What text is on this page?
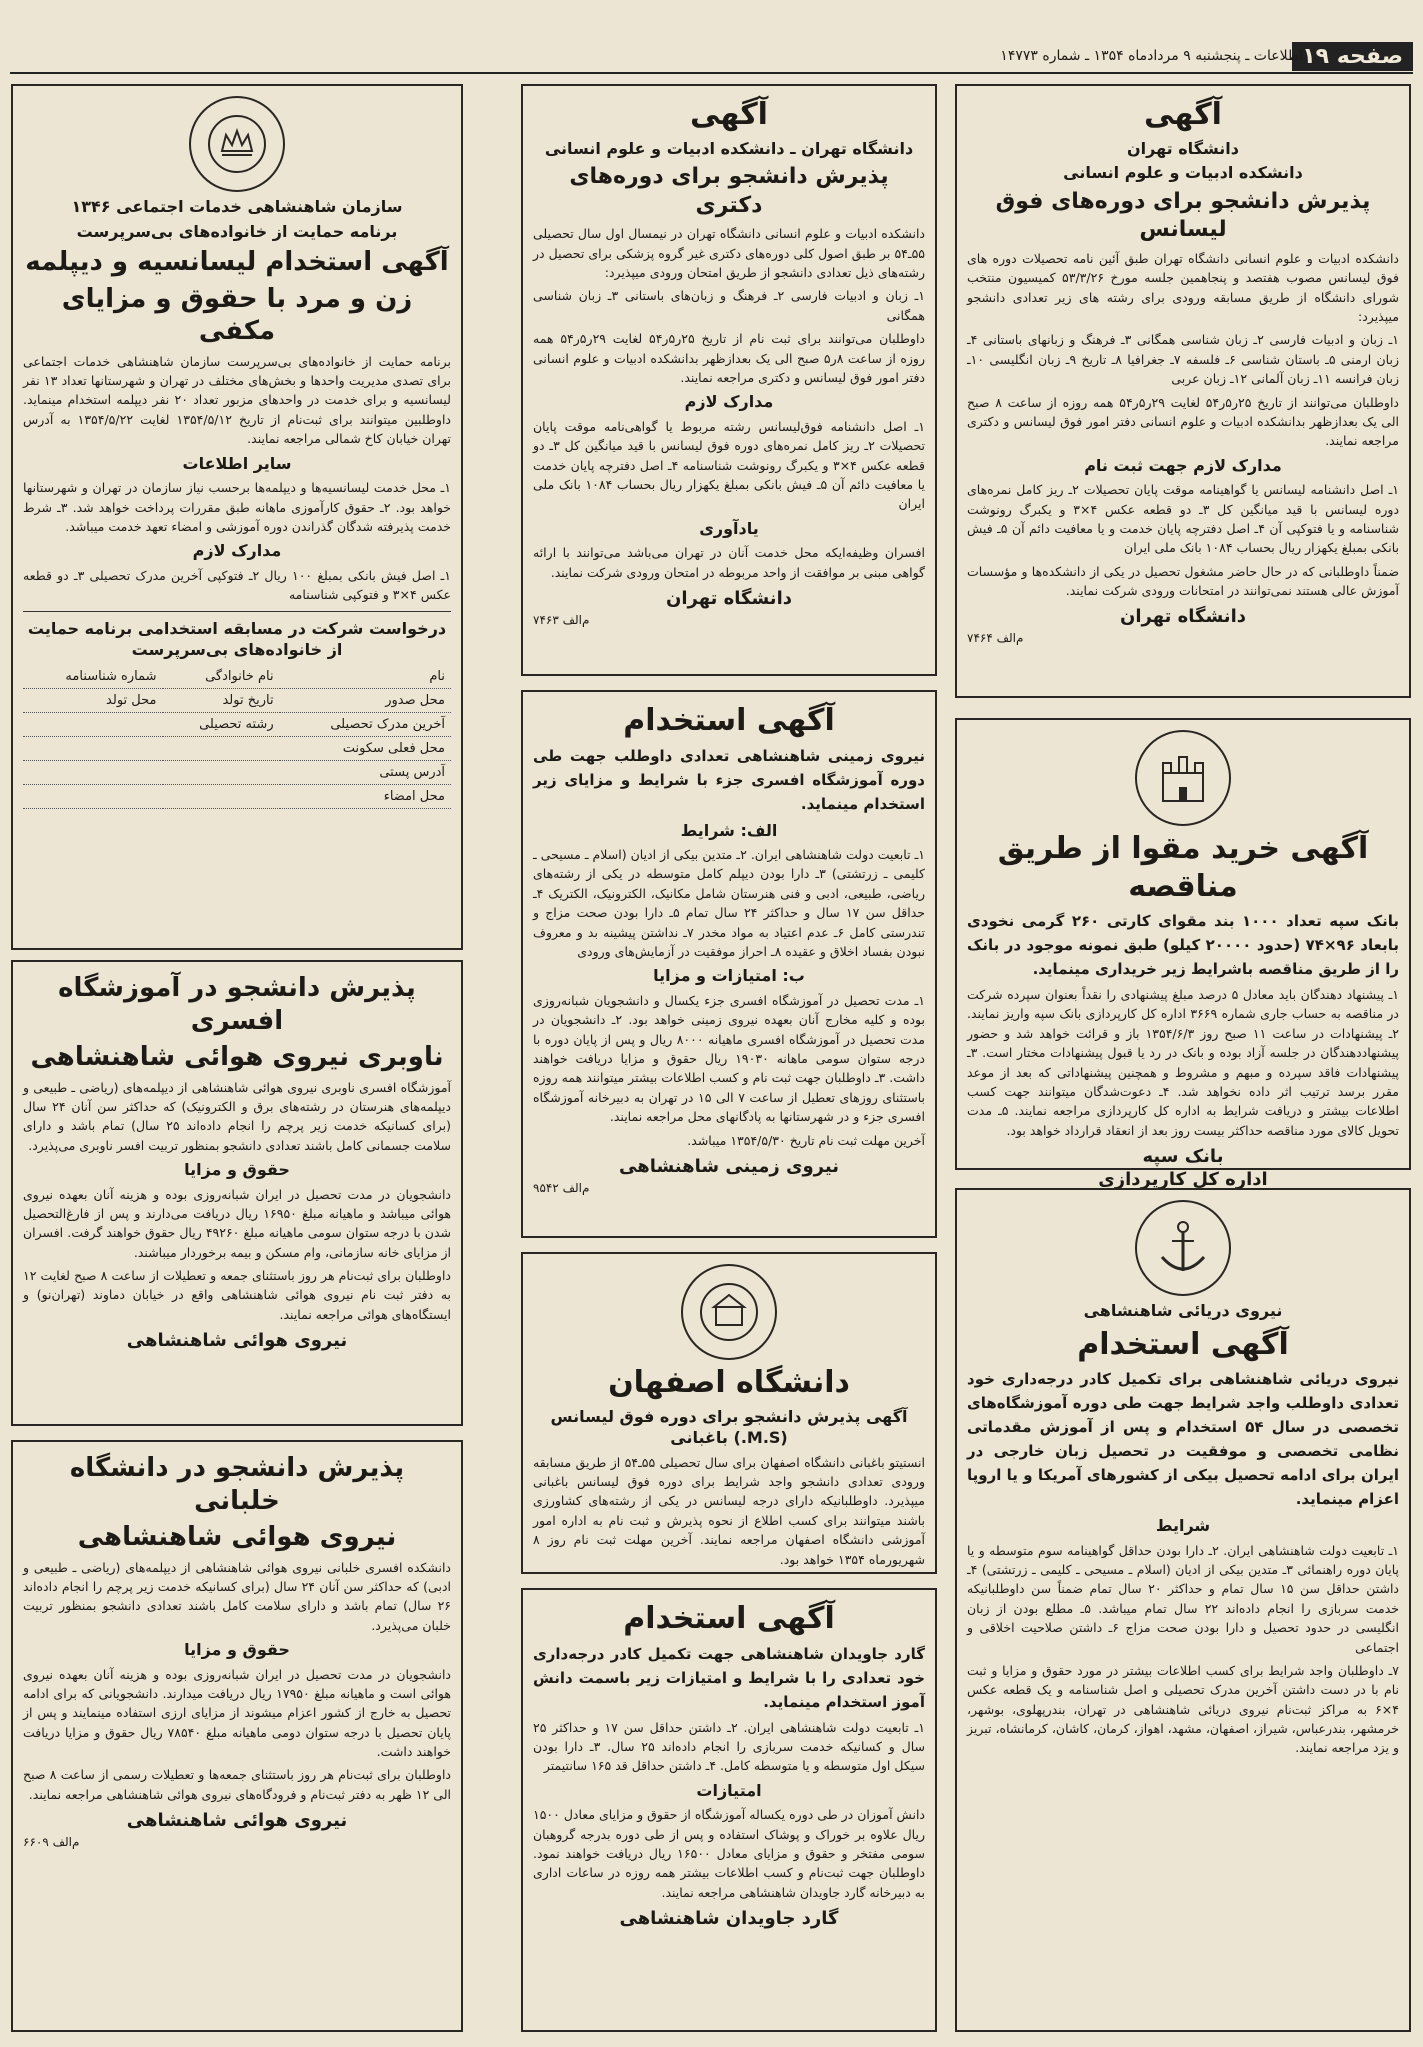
صفحه ۱۹
اطلاعات ـ پنجشنبه ۹ مردادماه ۱۳۵۴ ـ شماره ۱۴۷۷۳
آگهی
دانشگاه تهران
دانشکده ادبیات و علوم انسانی
پذیرش دانشجو برای دوره‌های فوق لیسانس
دانشکده ادبیات و علوم انسانی دانشگاه تهران طبق آئین نامه تحصیلات دوره های فوق لیسانس مصوب هفتصد و پنجاهمین جلسه مورخ ۵۳/۳/۲۶ کمیسیون منتخب شورای دانشگاه از طریق مسابقه ورودی برای رشته های زیر تعدادی دانشجو میپذیرد:
۱ـ زبان و ادبیات فارسی ۲ـ زبان شناسی همگانی ۳ـ فرهنگ و زبانهای باستانی ۴ـ زبان ارمنی ۵ـ باستان شناسی ۶ـ فلسفه ۷ـ جغرافیا ۸ـ تاریخ ۹ـ زبان انگلیسی ۱۰ـ زبان فرانسه ۱۱ـ زبان آلمانی ۱۲ـ زبان عربی
داوطلبان می‌توانند از تاریخ ۲۵ر۵ر۵۴ لغایت ۲۹ر۵ر۵۴ همه روزه از ساعت ۸ صبح الی یک بعدازظهر بدانشکده ادبیات و علوم انسانی دفتر امور فوق لیسانس و دکتری مراجعه نمایند.
مدارک لازم جهت ثبت نام
۱ـ اصل دانشنامه لیسانس یا گواهینامه موقت پایان تحصیلات ۲ـ ریز کامل نمره‌های دوره لیسانس با قید میانگین کل ۳ـ دو قطعه عکس ۴×۳ و یکبرگ رونوشت شناسنامه و یا فتوکپی آن ۴ـ اصل دفترچه پایان خدمت و یا معافیت دائم آن ۵ـ فیش بانکی بمبلغ یکهزار ریال بحساب ۱۰۸۴ بانک ملی ایران
ضمناً داوطلبانی که در حال حاضر مشغول تحصیل در یکی از دانشکده‌ها و مؤسسات آموزش عالی هستند نمی‌توانند در امتحانات ورودی شرکت نمایند.
دانشگاه تهران
م‌الف ۷۴۶۴
آگهی خرید مقوا از طریق مناقصه
بانک سپه تعداد ۱۰۰۰ بند مقوای کارتی ۲۶۰ گرمی نخودی بابعاد ۹۶×۷۴ (حدود ۲۰۰۰۰ کیلو) طبق نمونه موجود در بانک را از طریق مناقصه باشرایط زیر خریداری مینماید.
۱ـ پیشنهاد دهندگان باید معادل ۵ درصد مبلغ پیشنهادی را نقداً بعنوان سپرده شرکت در مناقصه به حساب جاری شماره ۳۶۶۹ اداره کل کارپردازی بانک سپه واریز نمایند. ۲ـ پیشنهادات در ساعت ۱۱ صبح روز ۱۳۵۴/۶/۳ باز و قرائت خواهد شد و حضور پیشنهاددهندگان در جلسه آزاد بوده و بانک در رد یا قبول پیشنهادات مختار است. ۳ـ پیشنهادات فاقد سپرده و مبهم و مشروط و همچنین پیشنهاداتی که بعد از موعد مقرر برسد ترتیب اثر داده نخواهد شد. ۴ـ دعوت‌شدگان میتوانند جهت کسب اطلاعات بیشتر و دریافت شرایط به اداره کل کارپردازی مراجعه نمایند. ۵ـ مدت تحویل کالای مورد مناقصه حداکثر بیست روز بعد از انعقاد قرارداد خواهد بود.
بانک سپه
اداره کل کارپردازی
نیروی دریائی شاهنشاهی
آگهی استخدام
نیروی دریائی شاهنشاهی برای تکمیل کادر درجه‌داری خود تعدادی داوطلب واجد شرایط جهت طی دوره آموزشگاه‌های تخصصی در سال ۵۴ استخدام و پس از آموزش مقدماتی نظامی تخصصی و موفقیت در تحصیل زبان خارجی در ایران برای ادامه تحصیل بیکی از کشورهای آمریکا و یا اروپا اعزام مینماید.
شرایط
۱ـ تابعیت دولت شاهنشاهی ایران. ۲ـ دارا بودن حداقل گواهینامه سوم متوسطه و یا پایان دوره راهنمائی ۳ـ متدین بیکی از ادیان (اسلام ـ مسیحی ـ کلیمی ـ زرتشتی) ۴ـ داشتن حداقل سن ۱۵ سال تمام و حداکثر ۲۰ سال تمام ضمناً سن داوطلبانیکه خدمت سربازی را انجام داده‌اند ۲۲ سال تمام میباشد. ۵ـ مطلع بودن از زبان انگلیسی در حدود تحصیل و دارا بودن صحت مزاج ۶ـ داشتن صلاحیت اخلاقی و اجتماعی
۷ـ داوطلبان واجد شرایط برای کسب اطلاعات بیشتر در مورد حقوق و مزایا و ثبت نام با در دست داشتن آخرین مدرک تحصیلی و اصل شناسنامه و یک قطعه عکس ۴×۶ به مراکز ثبت‌نام نیروی دریائی شاهنشاهی در تهران، بندرپهلوی، بوشهر، خرمشهر، بندرعباس، شیراز، اصفهان، مشهد، اهواز، کرمان، کاشان، کرمانشاه، تبریز و یزد مراجعه نمایند.
آگهی
دانشگاه تهران ـ دانشکده ادبیات و علوم انسانی
پذیرش دانشجو برای دوره‌های دکتری
دانشکده ادبیات و علوم انسانی دانشگاه تهران در نیمسال اول سال تحصیلی ۵۵ـ۵۴ بر طبق اصول کلی دوره‌های دکتری غیر گروه پزشکی برای تحصیل در رشته‌های ذیل تعدادی دانشجو از طریق امتحان ورودی میپذیرد:
۱ـ زبان و ادبیات فارسی ۲ـ فرهنگ و زبان‌های باستانی ۳ـ زبان شناسی همگانی
داوطلبان می‌توانند برای ثبت نام از تاریخ ۲۵ر۵ر۵۴ لغایت ۲۹ر۵ر۵۴ همه روزه از ساعت ۸ر۵ صبح الی یک بعدازظهر بدانشکده ادبیات و علوم انسانی دفتر امور فوق لیسانس و دکتری مراجعه نمایند.
مدارک لازم
۱ـ اصل دانشنامه فوق‌لیسانس رشته مربوط یا گواهی‌نامه موقت پایان تحصیلات ۲ـ ریز کامل نمره‌های دوره فوق لیسانس با قید میانگین کل ۳ـ دو قطعه عکس ۴×۳ و یکبرگ رونوشت شناسنامه ۴ـ اصل دفترچه پایان خدمت یا معافیت دائم آن ۵ـ فیش بانکی بمبلغ یکهزار ریال بحساب ۱۰۸۴ بانک ملی ایران
یادآوری
افسران وظیفه‌ایکه محل خدمت آنان در تهران می‌باشد می‌توانند با ارائه گواهی مبنی بر موافقت از واحد مربوطه در امتحان ورودی شرکت نمایند.
دانشگاه تهران
م‌الف ۷۴۶۳
آگهی استخدام
نیروی زمینی شاهنشاهی تعدادی داوطلب جهت طی دوره آموزشگاه افسری جزء با شرایط و مزایای زیر استخدام مینماید.
الف: شرایط
۱ـ تابعیت دولت شاهنشاهی ایران. ۲ـ متدین بیکی از ادیان (اسلام ـ مسیحی ـ کلیمی ـ زرتشتی) ۳ـ دارا بودن دیپلم کامل متوسطه در یکی از رشته‌های ریاضی، طبیعی، ادبی و فنی هنرستان شامل مکانیک، الکترونیک، الکتریک ۴ـ حداقل سن ۱۷ سال و حداکثر ۲۴ سال تمام ۵ـ دارا بودن صحت مزاج و تندرستی کامل ۶ـ عدم اعتیاد به مواد مخدر ۷ـ نداشتن پیشینه بد و معروف نبودن بفساد اخلاق و عقیده ۸ـ احراز موفقیت در آزمایش‌های ورودی
ب: امتیازات و مزایا
۱ـ مدت تحصیل در آموزشگاه افسری جزء یکسال و دانشجویان شبانه‌روزی بوده و کلیه مخارج آنان بعهده نیروی زمینی خواهد بود. ۲ـ دانشجویان در مدت تحصیل در آموزشگاه افسری ماهیانه ۸۰۰۰ ریال و پس از پایان دوره با درجه ستوان سومی ماهانه ۱۹۰۳۰ ریال حقوق و مزایا دریافت خواهند داشت. ۳ـ داوطلبان جهت ثبت نام و کسب اطلاعات بیشتر میتوانند همه روزه باستثنای روزهای تعطیل از ساعت ۷ الی ۱۵ در تهران به دبیرخانه آموزشگاه افسری جزء و در شهرستانها به پادگانهای محل مراجعه نمایند.
آخرین مهلت ثبت نام تاریخ ۱۳۵۴/۵/۳۰ میباشد.
نیروی زمینی شاهنشاهی
م‌الف ۹۵۴۲
دانشگاه اصفهان
آگهی پذیرش دانشجو برای دوره فوق لیسانس (M.S.) باغبانی
انستیتو باغبانی دانشگاه اصفهان برای سال تحصیلی ۵۵ـ۵۴ از طریق مسابقه ورودی تعدادی دانشجو واجد شرایط برای دوره فوق لیسانس باغبانی میپذیرد. داوطلبانیکه دارای درجه لیسانس در یکی از رشته‌های کشاورزی باشند میتوانند برای کسب اطلاع از نحوه پذیرش و ثبت نام به اداره امور آموزشی دانشگاه اصفهان مراجعه نمایند. آخرین مهلت ثبت نام روز ۸ شهریورماه ۱۳۵۴ خواهد بود.
آگهی استخدام
گارد جاویدان شاهنشاهی جهت تکمیل کادر درجه‌داری خود تعدادی را با شرایط و امتیازات زیر باسمت دانش آموز استخدام مینماید.
۱ـ تابعیت دولت شاهنشاهی ایران. ۲ـ داشتن حداقل سن ۱۷ و حداکثر ۲۵ سال و کسانیکه خدمت سربازی را انجام داده‌اند ۲۵ سال. ۳ـ دارا بودن سیکل اول متوسطه و یا متوسطه کامل. ۴ـ داشتن حداقل قد ۱۶۵ سانتیمتر
امتیازات
دانش آموزان در طی دوره یکساله آموزشگاه از حقوق و مزایای معادل ۱۵۰۰ ریال علاوه بر خوراک و پوشاک استفاده و پس از طی دوره بدرجه گروهبان سومی مفتخر و حقوق و مزایای معادل ۱۶۵۰۰ ریال دریافت خواهند نمود. داوطلبان جهت ثبت‌نام و کسب اطلاعات بیشتر همه روزه در ساعات اداری به دبیرخانه گارد جاویدان شاهنشاهی مراجعه نمایند.
گارد جاویدان شاهنشاهی
سازمان شاهنشاهی خدمات اجتماعی ۱۳۴۶
برنامه حمایت از خانواده‌های بی‌سرپرست
آگهی استخدام لیسانسیه و دیپلمه
زن و مرد با حقوق و مزایای مکفی
برنامه حمایت از خانواده‌های بی‌سرپرست سازمان شاهنشاهی خدمات اجتماعی برای تصدی مدیریت واحدها و بخش‌های مختلف در تهران و شهرستانها تعداد ۱۳ نفر لیسانسیه و برای خدمت در واحدهای مزبور تعداد ۲۰ نفر دیپلمه استخدام مینماید. داوطلبین میتوانند برای ثبت‌نام از تاریخ ۱۳۵۴/۵/۱۲ لغایت ۱۳۵۴/۵/۲۲ به آدرس تهران خیابان کاخ شمالی مراجعه نمایند.
سایر اطلاعات
۱ـ محل خدمت لیسانسیه‌ها و دیپلمه‌ها برحسب نیاز سازمان در تهران و شهرستانها خواهد بود. ۲ـ حقوق کارآموزی ماهانه طبق مقررات پرداخت خواهد شد. ۳ـ شرط خدمت پذیرفته شدگان گذراندن دوره آموزشی و امضاء تعهد خدمت میباشد.
مدارک لازم
۱ـ اصل فیش بانکی بمبلغ ۱۰۰ ریال ۲ـ فتوکپی آخرین مدرک تحصیلی ۳ـ دو قطعه عکس ۴×۳ و فتوکپی شناسنامه
درخواست شرکت در مسابقه استخدامی برنامه حمایت از خانواده‌های بی‌سرپرست
نام	نام خانوادگی	شماره شناسنامه
محل صدور	تاریخ تولد	محل تولد
آخرین مدرک تحصیلی	رشته تحصیلی	
محل فعلی سکونت		
آدرس پستی		
محل امضاء		
پذیرش دانشجو در آموزشگاه افسری
ناوبری نیروی هوائی شاهنشاهی
آموزشگاه افسری ناوبری نیروی هوائی شاهنشاهی از دیپلمه‌های (ریاضی ـ طبیعی و دیپلمه‌های هنرستان در رشته‌های برق و الکترونیک) که حداکثر سن آنان ۲۴ سال (برای کسانیکه خدمت زیر پرچم را انجام داده‌اند ۲۵ سال) تمام باشد و دارای سلامت جسمانی کامل باشند تعدادی دانشجو بمنظور تربیت افسر ناوبری می‌پذیرد.
حقوق و مزایا
دانشجویان در مدت تحصیل در ایران شبانه‌روزی بوده و هزینه آنان بعهده نیروی هوائی میباشد و ماهیانه مبلغ ۱۶۹۵۰ ریال دریافت می‌دارند و پس از فارغ‌التحصیل شدن با درجه ستوان سومی ماهیانه مبلغ ۴۹۲۶۰ ریال حقوق خواهند گرفت. افسران از مزایای خانه سازمانی، وام مسکن و بیمه برخوردار میباشند.
داوطلبان برای ثبت‌نام هر روز باستثنای جمعه و تعطیلات از ساعت ۸ صبح لغایت ۱۲ به دفتر ثبت نام نیروی هوائی شاهنشاهی واقع در خیابان دماوند (تهران‌نو) و ایستگاه‌های هوائی مراجعه نمایند.
نیروی هوائی شاهنشاهی
پذیرش دانشجو در دانشگاه خلبانی
نیروی هوائی شاهنشاهی
دانشکده افسری خلبانی نیروی هوائی شاهنشاهی از دیپلمه‌های (ریاضی ـ طبیعی و ادبی) که حداکثر سن آنان ۲۴ سال (برای کسانیکه خدمت زیر پرچم را انجام داده‌اند ۲۶ سال) تمام باشد و دارای سلامت کامل باشند تعدادی دانشجو بمنظور تربیت خلبان می‌پذیرد.
حقوق و مزایا
دانشجویان در مدت تحصیل در ایران شبانه‌روزی بوده و هزینه آنان بعهده نیروی هوائی است و ماهیانه مبلغ ۱۷۹۵۰ ریال دریافت میدارند. دانشجویانی که برای ادامه تحصیل به خارج از کشور اعزام میشوند از مزایای ارزی استفاده مینمایند و پس از پایان تحصیل با درجه ستوان دومی ماهیانه مبلغ ۷۸۵۴۰ ریال حقوق و مزایا دریافت خواهند داشت.
داوطلبان برای ثبت‌نام هر روز باستثنای جمعه‌ها و تعطیلات رسمی از ساعت ۸ صبح الی ۱۲ ظهر به دفتر ثبت‌نام و فرودگاه‌های نیروی هوائی شاهنشاهی مراجعه نمایند.
نیروی هوائی شاهنشاهی
م‌الف ۶۶۰۹
